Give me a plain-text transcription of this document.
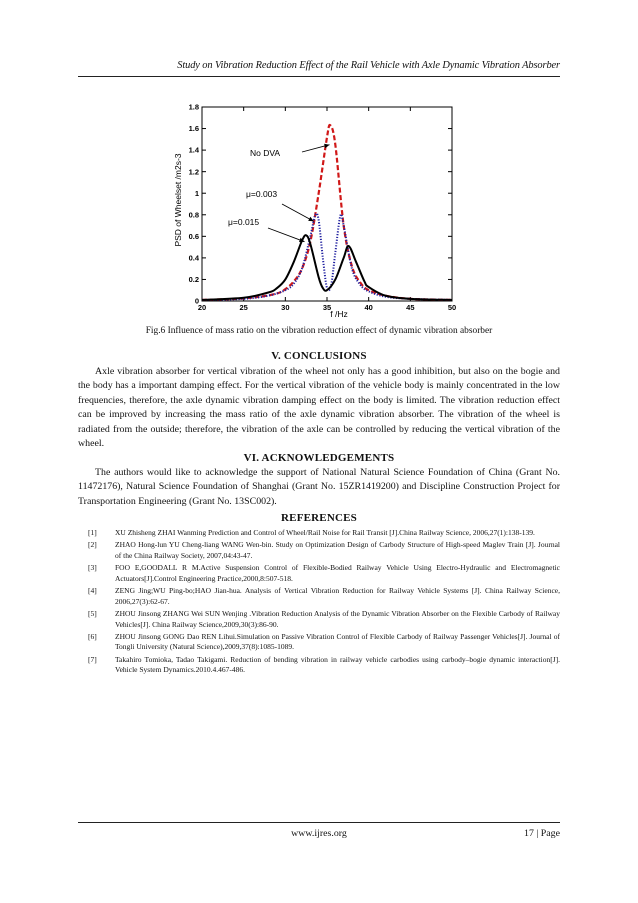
Study on Vibration Reduction Effect of the Rail Vehicle with Axle Dynamic Vibration Absorber
20	25	30	35	40	45	50
0
0.2
0.4
0.6
0.8
1
1.2
1.4
1.6
1.8
f /Hz
PSD of Wheelset /m2s-3
No DVA
μ=0.003
μ=0.015
Fig.6 Influence of mass ratio on the vibration reduction effect of dynamic vibration absorber
V. CONCLUSIONS

Axle vibration absorber for vertical vibration of the wheel not only has a good inhibition, but also on the bogie and the body has a important damping effect. For the vertical vibration of the vehicle body is mainly concentrated in the low frequencies, therefore, the axle dynamic vibration damping effect on the body is limited. The vibration reduction effect can be improved by increasing the mass ratio of the axle dynamic vibration absorber. The vibration of the wheel is radiated from the outside; therefore, the vibration of the axle can be controlled by reducing the vertical vibration of the wheel.

VI. ACKNOWLEDGEMENTS

The authors would like to acknowledge the support of National Natural Science Foundation of China (Grant No. 11472176), Natural Science Foundation of Shanghai (Grant No. 15ZR1419200) and Discipline Construction Project for Transportation Engineering (Grant No. 13SC002).

REFERENCES
[1] XU Zhisheng ZHAI Wanming Prediction and Control of Wheel/Rail Noise for Rail Transit [J].China Railway Science, 2006,27(1):138-139.
[2] ZHAO Hong-lun YU Cheng-liang WANG Wen-bin. Study on Optimization Design of Carbody Structure of High-speed Maglev Train [J]. Journal of the China Railway Society, 2007,04:43-47.
[3] FOO E,GOODALL R M.Active Suspension Control of Flexible-Bodied Railway Vehicle Using Electro-Hydraulic and Electromagnetic Actuators[J].Control Engineering Practice,2000,8:507-518.
[4] ZENG Jing;WU Ping-bo;HAO Jian-hua. Analysis of Vertical Vibration Reduction for Railway Vehicle Systems [J]. China Railway Science, 2006,27(3):62-67.
[5] ZHOU Jinsong ZHANG Wei SUN Wenjing .Vibration Reduction Analysis of the Dynamic Vibration Absorber on the Flexible Carbody of Railway Vehicles[J]. China Railway Science,2009,30(3):86-90.
[6] ZHOU Jinsong GONG Dao REN Lihui.Simulation on Passive Vibration Control of Flexible Carbody of Railway Passenger Vehicles[J]. Journal of Tongli University (Natural Science),2009,37(8):1085-1089.
[7] Takahiro Tomioka, Tadao Takigami. Reduction of bending vibration in railway vehicle carbodies using carbody–bogie dynamic interaction[J]. Vehicle System Dynamics.2010.4.467-486.
www.ijres.org	17 | Page
